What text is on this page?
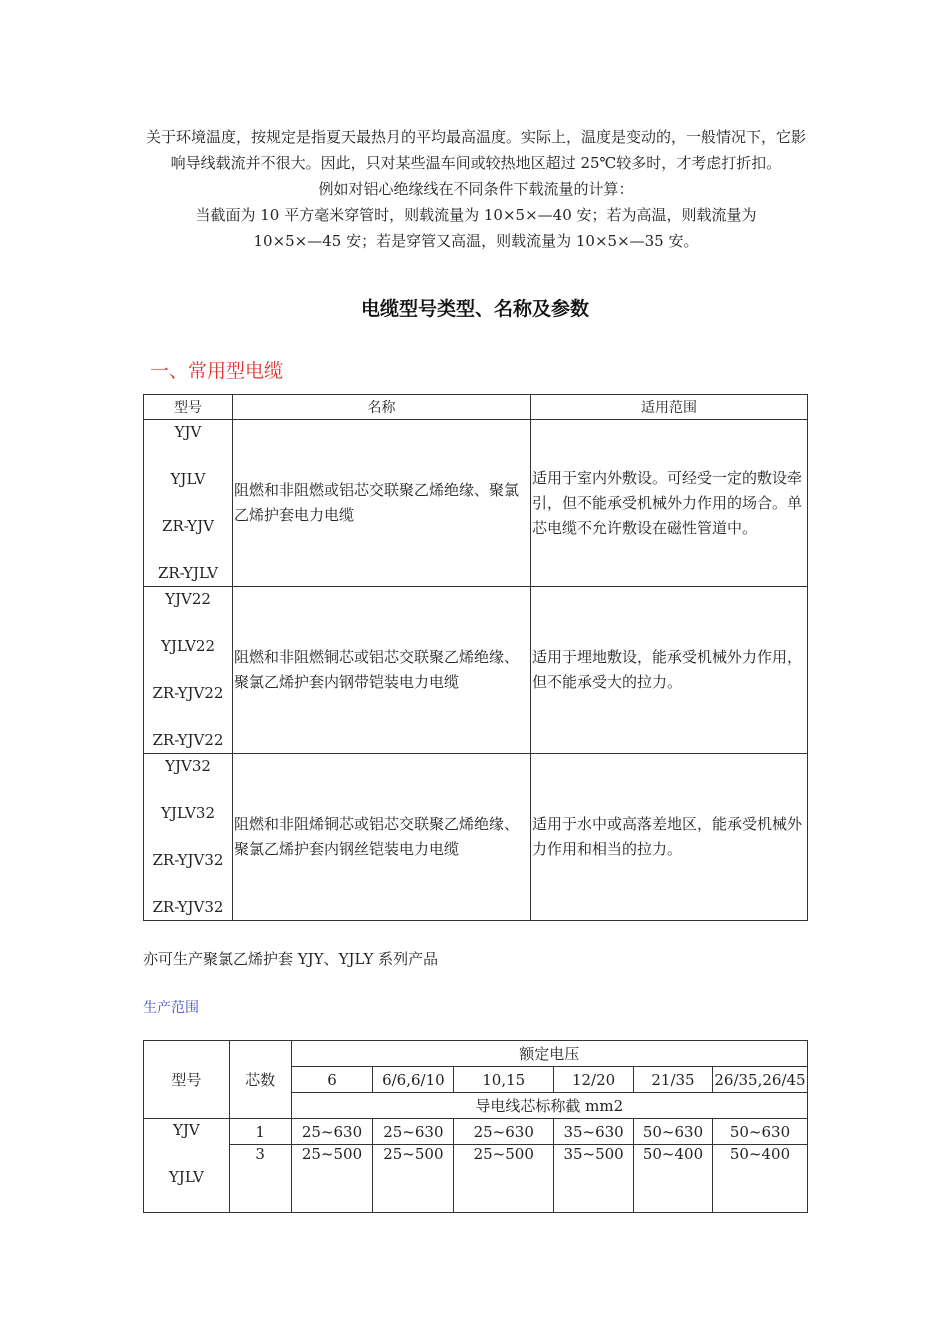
关于环境温度，按规定是指夏天最热月的平均最高温度。实际上，温度是变动的，一般情况下，它影响导线载流并不很大。因此，只对某些温车间或较热地区超过 25℃较多时，才考虑打折扣。

例如对铝心绝缘线在不同条件下载流量的计算：

当截面为 10 平方毫米穿管时，则载流量为 10×5×—40 安；若为高温，则载流量为

10×5×—45 安；若是穿管又高温，则载流量为 10×5×—35 安。

电缆型号类型、名称及参数
一、常用型电缆
型号	名称	适用范围

YJV
YJLV
ZR-YJV
ZR-YJLV	阻燃和非阻燃或铝芯交联聚乙烯绝缘、聚氯乙烯护套电力电缆	适用于室内外敷设。可经受一定的敷设牵引，但不能承受机械外力作用的场合。单芯电缆不允许敷设在磁性管道中。

YJV22
YJLV22
ZR-YJV22
ZR-YJV22	阻燃和非阻燃铜芯或铝芯交联聚乙烯绝缘、聚氯乙烯护套内钢带铠装电力电缆	适用于埋地敷设，能承受机械外力作用，但不能承受大的拉力。

YJV32
YJLV32
ZR-YJV32
ZR-YJV32	阻燃和非阻烯铜芯或铝芯交联聚乙烯绝缘、聚氯乙烯护套内钢丝铠装电力电缆	适用于水中或高落差地区，能承受机械外力作用和相当的拉力。
亦可生产聚氯乙烯护套 YJY、YJLY 系列产品
生产范围
型号	芯数	额定电压					
		6	6/6,6/10	10,15	12/20	21/35	26/35,26/45
		导电线芯标称截 mm2					

YJV
YJLV	1	25~630	25~630	25~630	35~630	50~630	50~630
	3	25~500	25~500	25~500	35~500	50~400	50~400
